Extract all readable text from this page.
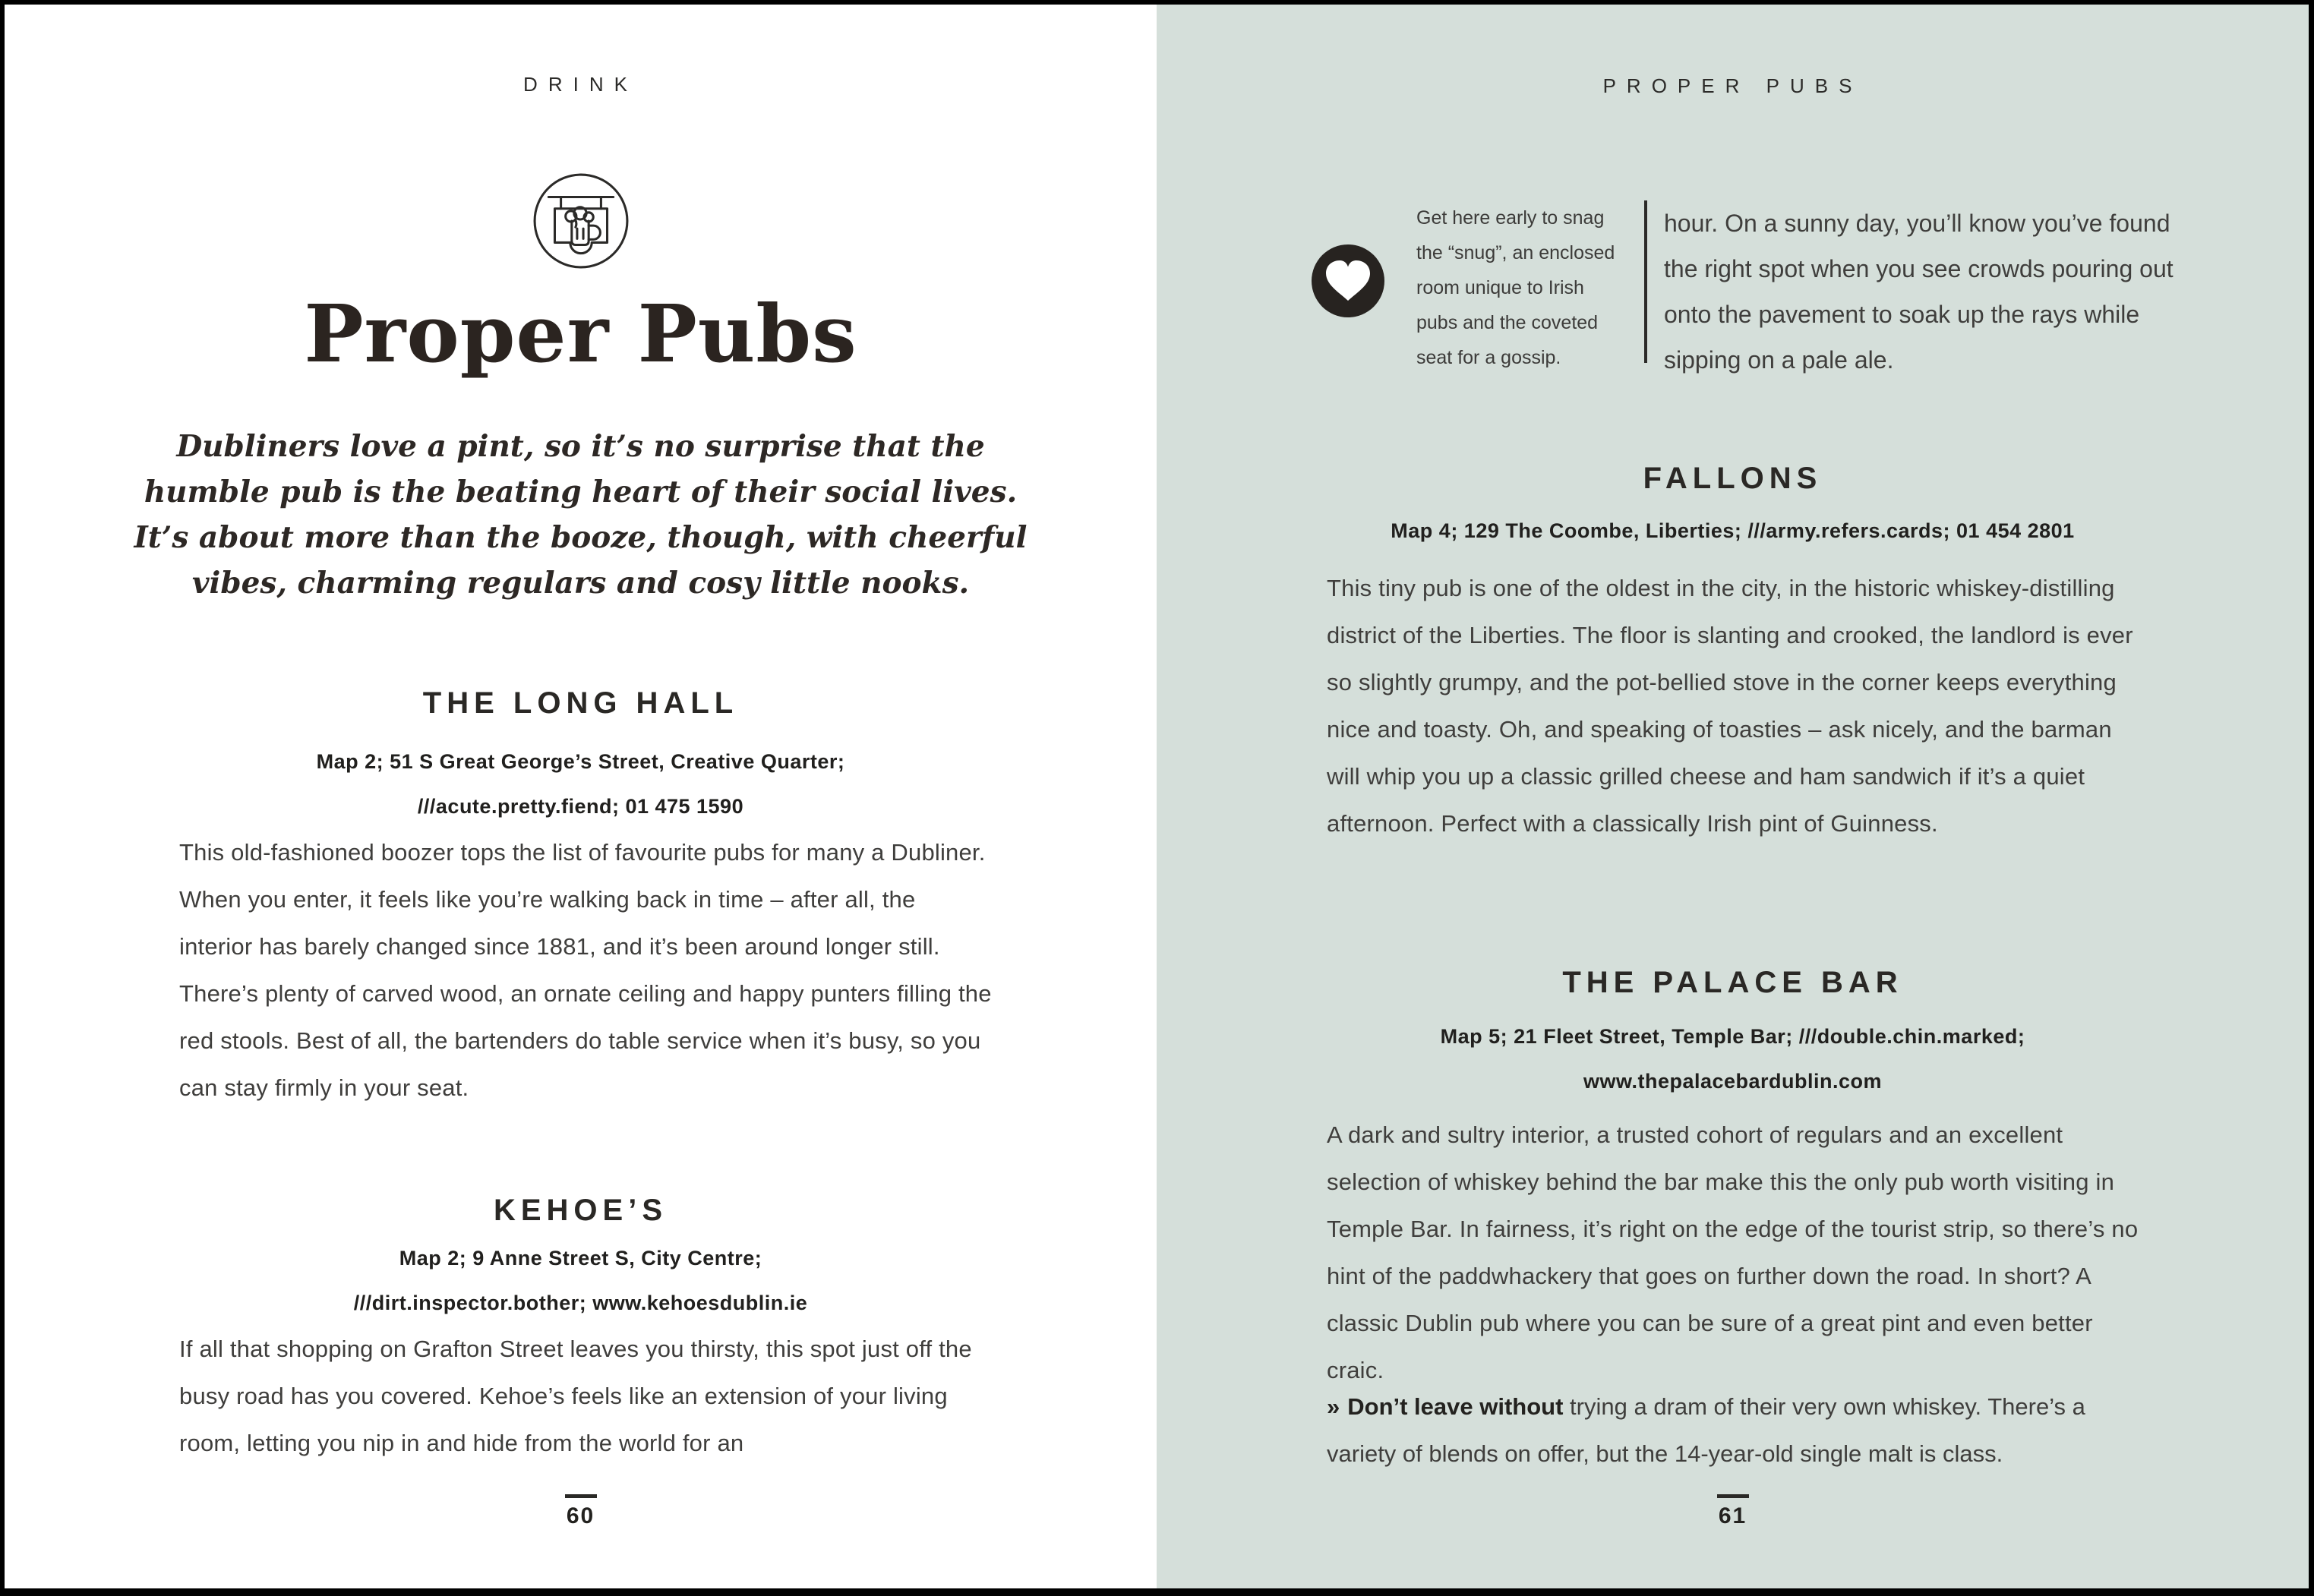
DRINK
Proper Pubs
Dubliners love a pint, so it’s no surprise that the
humble pub is the beating heart of their social lives.
It’s about more than the booze, though, with cheerful
vibes, charming regulars and cosy little nooks.
THE LONG HALL
Map 2; 51 S Great George’s Street, Creative Quarter;
///acute.pretty.fiend; 01 475 1590
This old-fashioned boozer tops the list of favourite pubs for many a Dubliner. When you enter, it feels like you’re walking back in time – after all, the interior has barely changed since 1881, and it’s been around longer still. There’s plenty of carved wood, an ornate ceiling and happy punters filling the red stools. Best of all, the bartenders do table service when it’s busy, so you can stay firmly in your seat.
KEHOE’S
Map 2; 9 Anne Street S, City Centre;
///dirt.inspector.bother; www.kehoesdublin.ie
If all that shopping on Grafton Street leaves you thirsty, this spot just off the busy road has you covered. Kehoe’s feels like an extension of your living room, letting you nip in and hide from the world for an
60
PROPER PUBS
Get here early to snag the “snug”, an enclosed room unique to Irish pubs and the coveted seat for a gossip.
hour. On a sunny day, you’ll know you’ve found the right spot when you see crowds pouring out onto the pavement to soak up the rays while sipping on a pale ale.
FALLONS
Map 4; 129 The Coombe, Liberties; ///army.refers.cards; 01 454 2801
This tiny pub is one of the oldest in the city, in the historic whiskey-distilling district of the Liberties. The floor is slanting and crooked, the landlord is ever so slightly grumpy, and the pot-bellied stove in the corner keeps everything nice and toasty. Oh, and speaking of toasties – ask nicely, and the barman will whip you up a classic grilled cheese and ham sandwich if it’s a quiet afternoon. Perfect with a classically Irish pint of Guinness.
THE PALACE BAR
Map 5; 21 Fleet Street, Temple Bar; ///double.chin.marked;
www.thepalacebardublin.com
A dark and sultry interior, a trusted cohort of regulars and an excellent selection of whiskey behind the bar make this the only pub worth visiting in Temple Bar. In fairness, it’s right on the edge of the tourist strip, so there’s no hint of the paddwhackery that goes on further down the road. In short? A classic Dublin pub where you can be sure of a great pint and even better craic.
» Don’t leave without trying a dram of their very own whiskey. There’s a variety of blends on offer, but the 14-year-old single malt is class.
61
